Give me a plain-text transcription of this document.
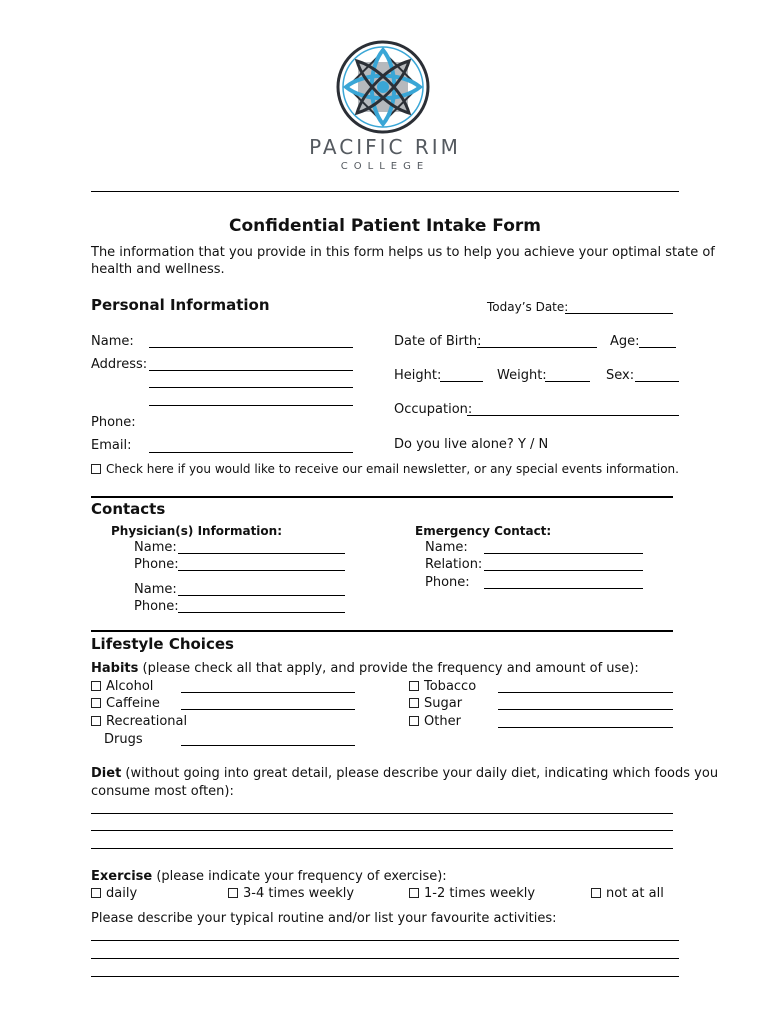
PACIFIC RIM
COLLEGE
Confidential Patient Intake Form
The information that you provide in this form helps us to help you achieve your optimal state of
health and wellness.
Personal Information	Today’s Date:
Name:
Address:
Phone:
Email:
Date of Birth:	Age:
Height:	Weight:	Sex:
Occupation:
Do you live alone? Y / N
Check here if you would like to receive our email newsletter, or any special events information.
Contacts
Physician(s) Information:
Name:
Phone:
Name:
Phone:
Emergency Contact:
Name:
Relation:
Phone:
Lifestyle Choices
Habits (please check all that apply, and provide the frequency and amount of use):
Alcohol
Caffeine
Recreational
Drugs
Tobacco
Sugar
Other
Diet (without going into great detail, please describe your daily diet, indicating which foods you
consume most often):
Exercise (please indicate your frequency of exercise):
daily	3-4 times weekly	1-2 times weekly	not at all
Please describe your typical routine and/or list your favourite activities:
